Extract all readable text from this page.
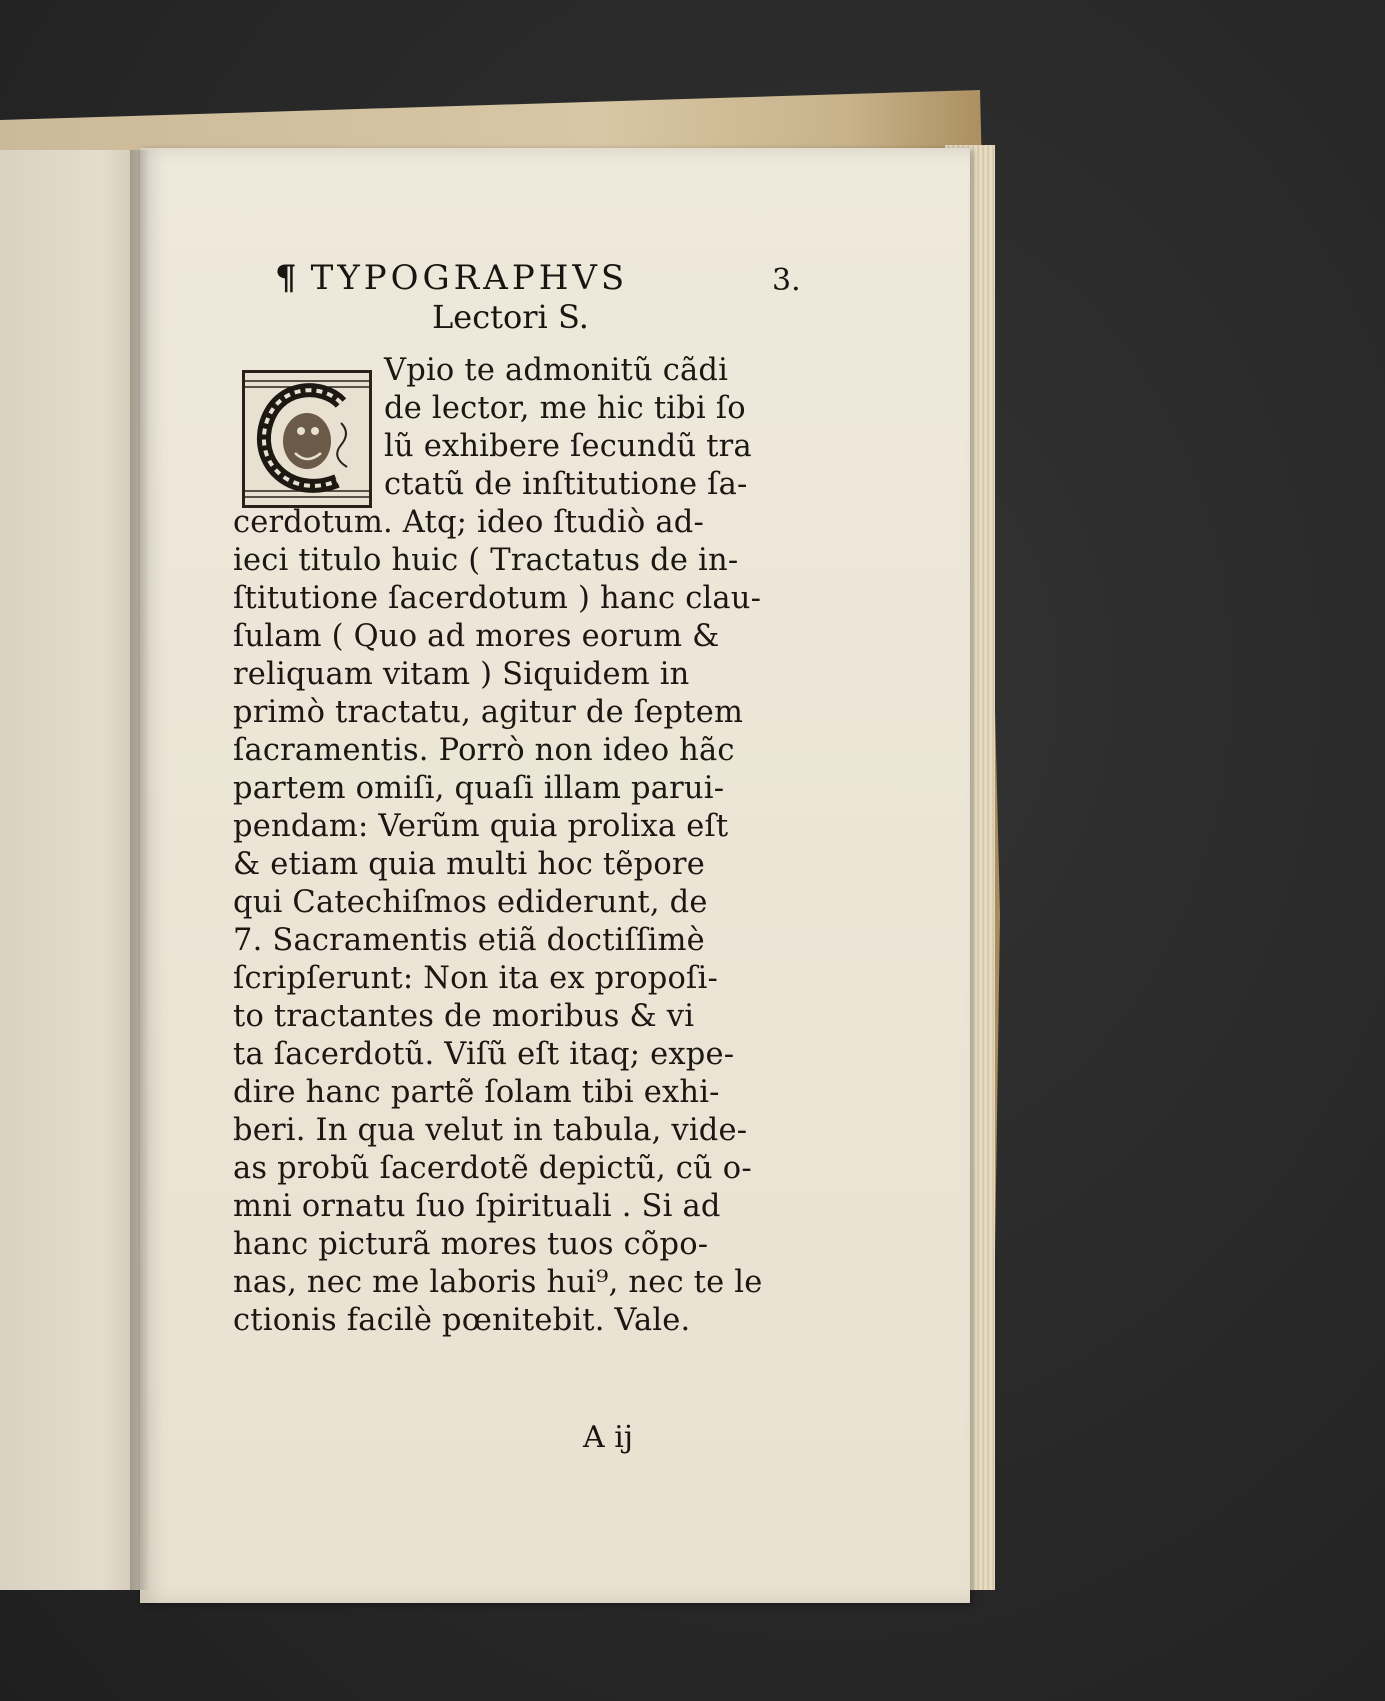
¶ TYPOGRAPHVS	3.
Lectori S.
Vpio te admonitũ cãdi
de lector, me hic tibi ſo
lũ exhibere ſecundũ tra
ctatũ de inſtitutione ſa-
cerdotum. Atq; ideo ſtudiò ad-
ieci titulo huic ( Tractatus de in-
ſtitutione ſacerdotum ) hanc clau-
ſulam ( Quo ad mores eorum &
reliquam vitam ) Siquidem in
primò tractatu, agitur de ſeptem
ſacramentis. Porrò non ideo hãc
partem omiſi, quaſi illam parui-
pendam: Verũm quia prolixa eſt
& etiam quia multi hoc tẽpore
qui Catechiſmos ediderunt, de
7. Sacramentis etiã doctiſſimè
ſcripſerunt: Non ita ex propoſi-
to tractantes de moribus & vi
ta ſacerdotũ. Viſũ eſt itaq; expe-
dire hanc partẽ ſolam tibi exhi-
beri. In qua velut in tabula, vide-
as probũ ſacerdotẽ depictũ, cũ o-
mni ornatu ſuo ſpirituali . Si ad
hanc picturã mores tuos cõpo-
nas, nec me laboris hui⁹, nec te le
ctionis facilè pœnitebit. Vale.
A ij
